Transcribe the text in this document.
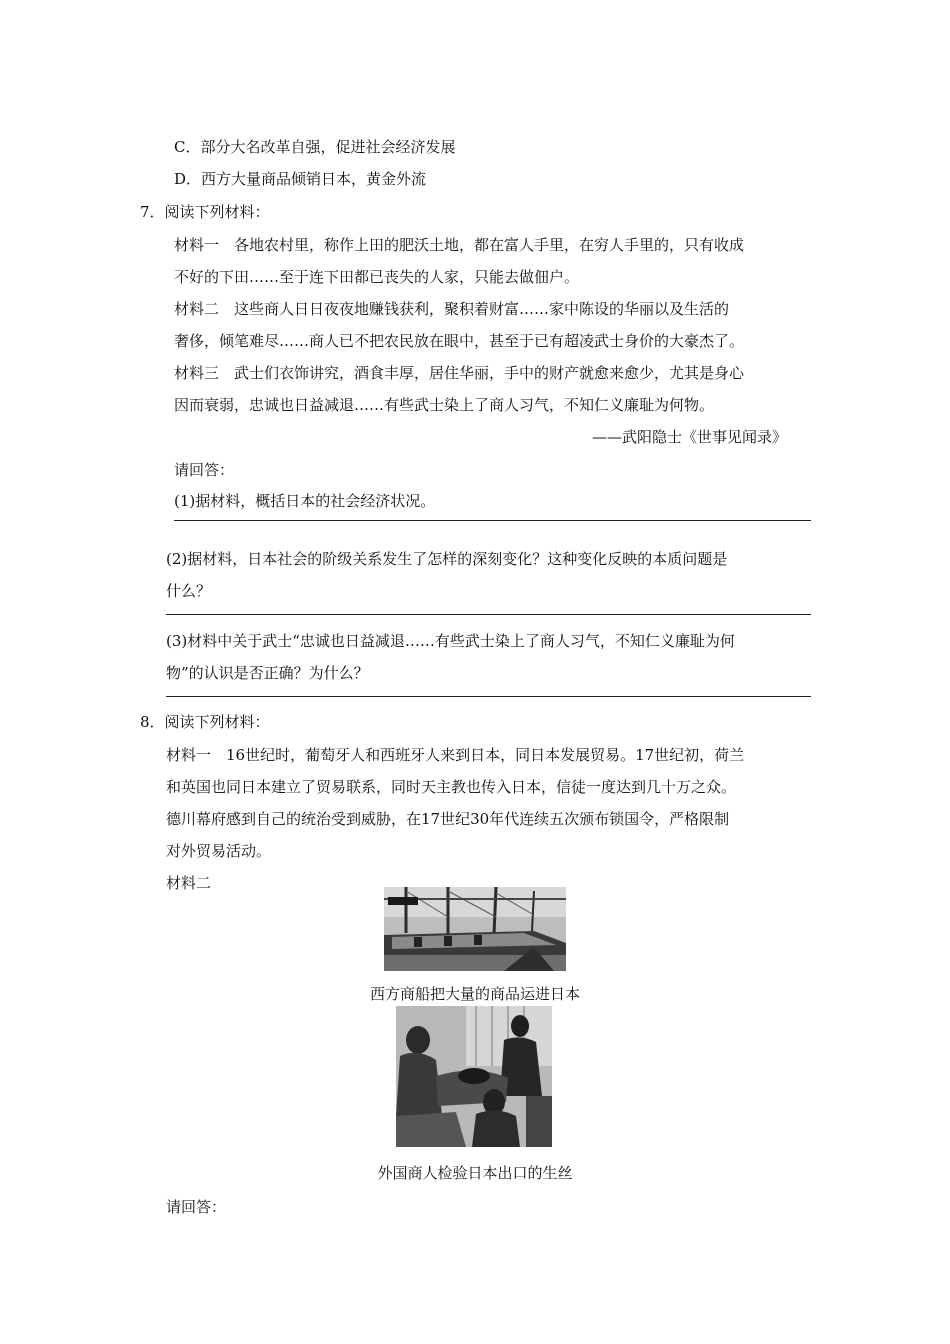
C．部分大名改革自强，促进社会经济发展
D．西方大量商品倾销日本，黄金外流
7．阅读下列材料：
材料一　各地农村里，称作上田的肥沃土地，都在富人手里，在穷人手里的，只有收成
不好的下田……至于连下田都已丧失的人家，只能去做佃户。
材料二　这些商人日日夜夜地赚钱获利，聚积着财富……家中陈设的华丽以及生活的
奢侈，倾笔难尽……商人已不把农民放在眼中，甚至于已有超凌武士身价的大豪杰了。
材料三　武士们衣饰讲究，酒食丰厚，居住华丽，手中的财产就愈来愈少，尤其是身心
因而衰弱，忠诚也日益减退……有些武士染上了商人习气，不知仁义廉耻为何物。
——武阳隐士《世事见闻录》
请回答：
(1)据材料，概括日本的社会经济状况。
(2)据材料，日本社会的阶级关系发生了怎样的深刻变化？这种变化反映的本质问题是
什么？
(3)材料中关于武士“忠诚也日益减退……有些武士染上了商人习气，不知仁义廉耻为何
物”的认识是否正确？为什么？
8．阅读下列材料：
材料一　16世纪时，葡萄牙人和西班牙人来到日本，同日本发展贸易。17世纪初，荷兰
和英国也同日本建立了贸易联系，同时天主教也传入日本，信徒一度达到几十万之众。
德川幕府感到自己的统治受到威胁，在17世纪30年代连续五次颁布锁国令，严格限制
对外贸易活动。
材料二
西方商船把大量的商品运进日本
外国商人检验日本出口的生丝
请回答：
